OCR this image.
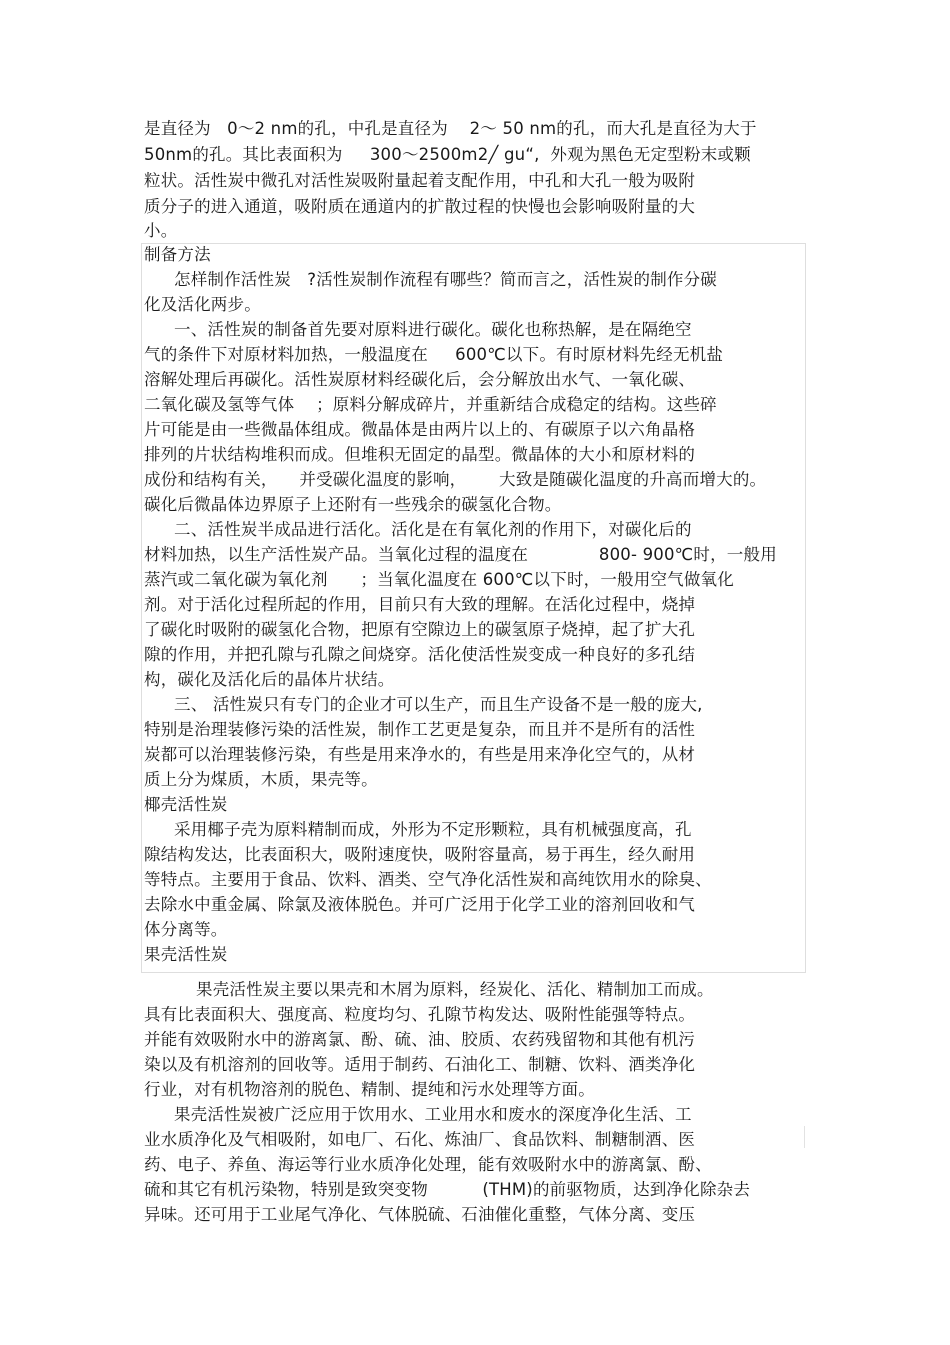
是直径为   0～2 nm的孔，中孔是直径为    2～ 50 nm的孔，而大孔是直径为大于
50nm的孔。其比表面积为     300～2500m2╱ gu“,  外观为黑色无定型粉末或颗
粒状。活性炭中微孔对活性炭吸附量起着支配作用，中孔和大孔一般为吸附
质分子的进入通道，吸附质在通道内的扩散过程的快慢也会影响吸附量的大
小。
制备方法
怎样制作活性炭   ?活性炭制作流程有哪些？简而言之，活性炭的制作分碳
化及活化两步。
一、活性炭的制备首先要对原料进行碳化。碳化也称热解，是在隔绝空
气的条件下对原材料加热，一般温度在     600℃以下。有时原材料先经无机盐
溶解处理后再碳化。活性炭原材料经碳化后，会分解放出水气、一氧化碳、
二氧化碳及氢等气体    ；原料分解成碎片，并重新结合成稳定的结构。这些碎
片可能是由一些微晶体组成。微晶体是由两片以上的、有碳原子以六角晶格
排列的片状结构堆积而成。但堆积无固定的晶型。微晶体的大小和原材料的
成份和结构有关，    并受碳化温度的影响，      大致是随碳化温度的升高而增大的。
碳化后微晶体边界原子上还附有一些残余的碳氢化合物。
二、活性炭半成品进行活化。活化是在有氧化剂的作用下，对碳化后的
材料加热，以生产活性炭产品。当氧化过程的温度在             800- 900℃时，一般用
蒸汽或二氧化碳为氧化剂      ；当氧化温度在 600℃以下时，一般用空气做氧化
剂。对于活化过程所起的作用，目前只有大致的理解。在活化过程中，烧掉
了碳化时吸附的碳氢化合物，把原有空隙边上的碳氢原子烧掉，起了扩大孔
隙的作用，并把孔隙与孔隙之间烧穿。活化使活性炭变成一种良好的多孔结
构，碳化及活化后的晶体片状结。
三、 活性炭只有专门的企业才可以生产，而且生产设备不是一般的庞大,
特别是治理装修污染的活性炭，制作工艺更是复杂，而且并不是所有的活性
炭都可以治理装修污染，有些是用来净水的，有些是用来净化空气的，从材
质上分为煤质，木质，果壳等。
椰壳活性炭
采用椰子壳为原料精制而成，外形为不定形颗粒，具有机械强度高，孔
隙结构发达，比表面积大，吸附速度快，吸附容量高，易于再生，经久耐用
等特点。主要用于食品、饮料、酒类、空气净化活性炭和高纯饮用水的除臭、
去除水中重金属、除氯及液体脱色。并可广泛用于化学工业的溶剂回收和气
体分离等。
果壳活性炭
果壳活性炭主要以果壳和木屑为原料，经炭化、活化、精制加工而成。
具有比表面积大、强度高、粒度均匀、孔隙节构发达、吸附性能强等特点。
并能有效吸附水中的游离氯、酚、硫、油、胶质、农药残留物和其他有机污
染以及有机溶剂的回收等。适用于制药、石油化工、制糖、饮料、酒类净化
行业，对有机物溶剂的脱色、精制、提纯和污水处理等方面。
果壳活性炭被广泛应用于饮用水、工业用水和废水的深度净化生活、工
业水质净化及气相吸附，如电厂、石化、炼油厂、食品饮料、制糖制酒、医
药、电子、养鱼、海运等行业水质净化处理，能有效吸附水中的游离氯、酚、
硫和其它有机污染物，特别是致突变物          (THM)的前驱物质，达到净化除杂去
异味。还可用于工业尾气净化、气体脱硫、石油催化重整，气体分离、变压
